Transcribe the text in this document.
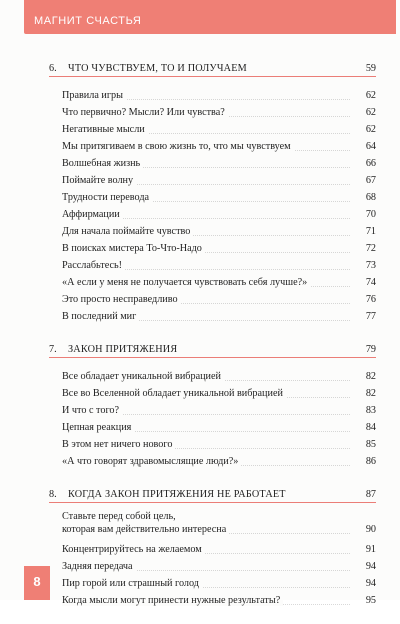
МАГНИТ СЧАСТЬЯ
6.	ЧТО ЧУВСТВУЕМ, ТО И ПОЛУЧАЕМ	59
Правила игры	62
Что первично? Мысли? Или чувства?	62
Негативные мысли	62
Мы притягиваем в свою жизнь то, что мы чувствуем	64
Волшебная жизнь	66
Поймайте волну	67
Трудности перевода	68
Аффирмации	70
Для начала поймайте чувство	71
В поисках мистера То-Что-Надо	72
Расслабьтесь!	73
«А если у меня не получается чувствовать себя лучше?»	74
Это просто несправедливо	76
В последний миг	77
7.	ЗАКОН ПРИТЯЖЕНИЯ	79
Все обладает уникальной вибрацией	82
Все во Вселенной обладает уникальной вибрацией	82
И что с того?	83
Цепная реакция	84
В этом нет ничего нового	85
«А что говорят здравомыслящие люди?»	86
8.	КОГДА ЗАКОН ПРИТЯЖЕНИЯ НЕ РАБОТАЕТ	87
Ставьте перед собой цель,
которая вам действительно интересна	90
Концентрируйтесь на желаемом	91
Задняя передача	94
Пир горой или страшный голод	94
Когда мысли могут принести нужные результаты?	95
8
